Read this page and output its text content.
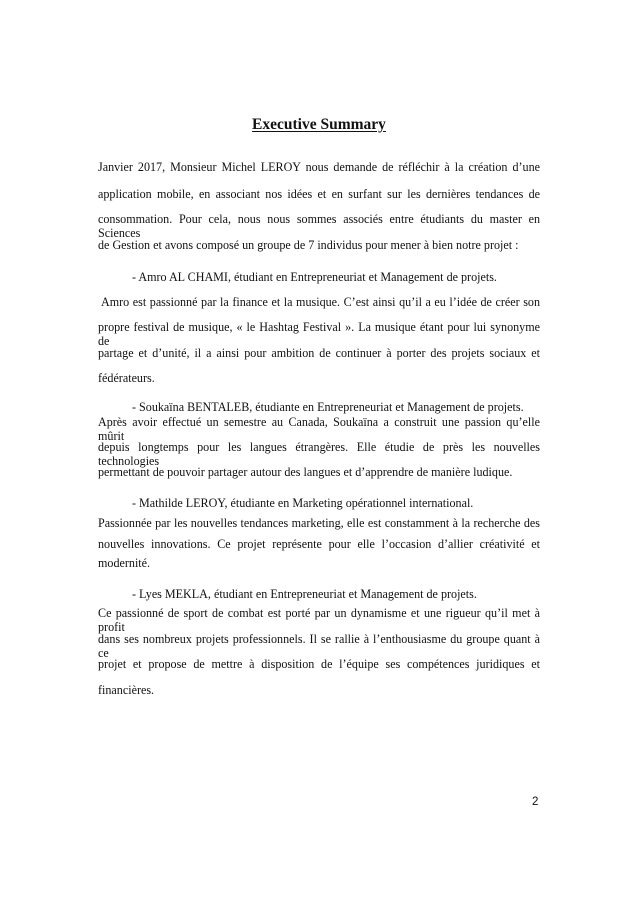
Executive Summary
Janvier 2017, Monsieur Michel LEROY nous demande de réfléchir à la création d’une
application mobile, en associant nos idées et en surfant sur les dernières tendances de
consommation. Pour cela, nous nous sommes associés entre étudiants du master en Sciences
de Gestion et avons composé un groupe de 7 individus pour mener à bien notre projet :
- Amro AL CHAMI, étudiant en Entrepreneuriat et Management de projets.
Amro est passionné par la finance et la musique. C’est ainsi qu’il a eu l’idée de créer son
propre festival de musique, « le Hashtag Festival ». La musique étant pour lui synonyme de
partage et d’unité, il a ainsi pour ambition de continuer à porter des projets sociaux et
fédérateurs.
- Soukaïna BENTALEB, étudiante en Entrepreneuriat et Management de projets.
Après avoir effectué un semestre au Canada, Soukaïna a construit une passion qu’elle mûrit
depuis longtemps pour les langues étrangères. Elle étudie de près les nouvelles technologies
permettant de pouvoir partager autour des langues et d’apprendre de manière ludique.
- Mathilde LEROY, étudiante en Marketing opérationnel international.
Passionnée par les nouvelles tendances marketing, elle est constamment à la recherche des
nouvelles innovations. Ce projet représente pour elle l’occasion d’allier créativité et
modernité.
- Lyes MEKLA, étudiant en Entrepreneuriat et Management de projets.
Ce passionné de sport de combat est porté par un dynamisme et une rigueur qu’il met à profit
dans ses nombreux projets professionnels. Il se rallie à l’enthousiasme du groupe quant à ce
projet et propose de mettre à disposition de l’équipe ses compétences juridiques et
financières.
2
